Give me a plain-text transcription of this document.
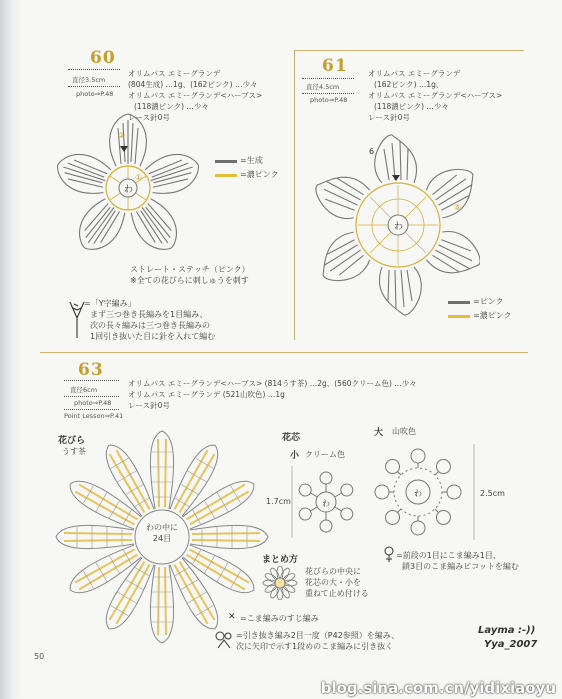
60
直径3.5cm
photo⇒P.48
オリムパス エミーグランデ
(804生成) …1g、(162ピンク) …少々
オリムパス エミーグランデ<ハーブス>
(118濃ピンク) …少々
レース針0号
わ
②
①
=生成
=濃ピンク
ストレート・ステッチ（ピンク）
※全ての花びらに刺しゅうを刺す
=「Y字編み」
まず三つ巻き長編みを1目編み、
次の長々編みは三つ巻き長編みの
1回引き抜いた目に針を入れて編む
61
直径4.5cm
photo⇒P.48
オリムパス エミーグランデ
(162ピンク) …1g、
オリムパス エミーグランデ<ハーブス>
(118濃ピンク) …少々
レース針0号
わ
6
⑤
=ピンク
=濃ピンク
63
直径6cm
photo⇒P.48
Point Lesson⇒P.41
オリムパス エミーグランデ<ハーブス> (814うす茶) …2g、(560クリーム色) …少々
オリムパス エミーグランデ (521山吹色) …1g
レース針0号
花びら
うす茶
わの中に
24目
花芯
小 クリーム色
1.7cm	わ
大 山吹色
2.5cm
わ
=前段の1目にこま編み1目、
鎖3目のこま編みピコットを編む
まとめ方
花びらの中央に
花芯の大・小を
重ねて止め付ける
✕ =こま編みのすじ編み
=引き抜き編み2目一度（P42参照）を編み、
次に矢印で示す1段めのこま編みに引き抜く
50
Layma :-))
Yya_2007
blog.sina.com.cn/yidixiaoyu
